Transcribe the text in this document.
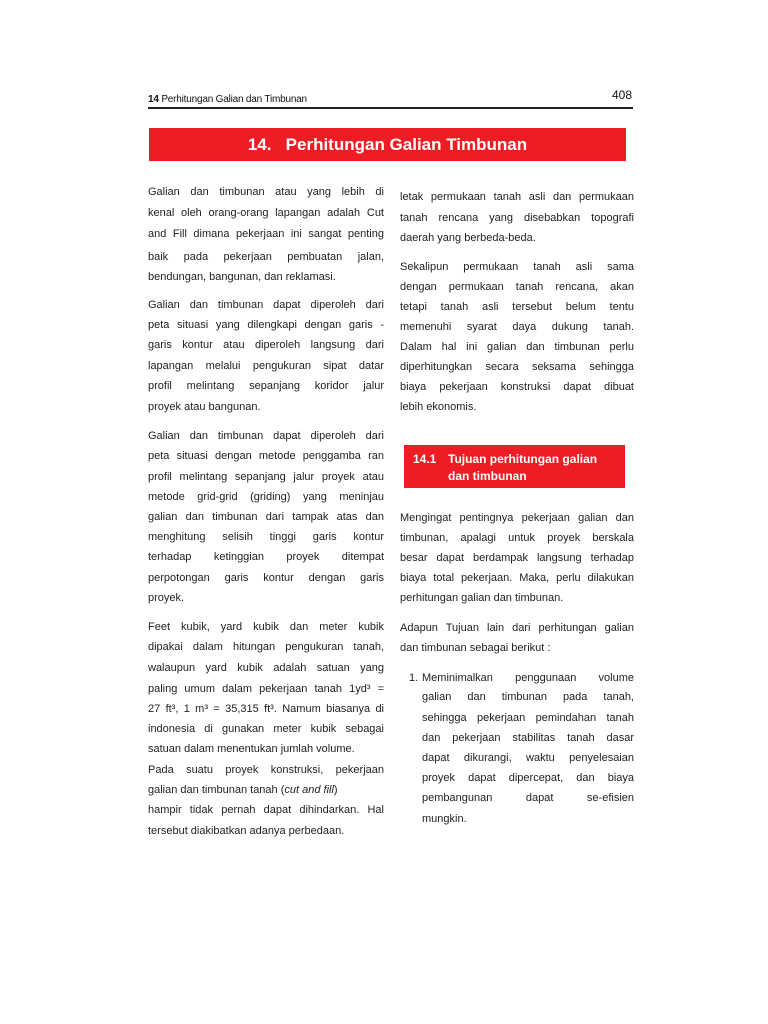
408
14 Perhitungan Galian dan Timbunan
14.
Perhitungan Galian Timbunan
Galian dan timbunan atau yang lebih di
kenal oleh orang-orang lapangan adalah Cut
and Fill dimana pekerjaan ini sangat penting
baik pada pekerjaan pembuatan jalan,
bendungan, bangunan, dan reklamasi.
Galian dan timbunan dapat diperoleh dari
peta situasi yang dilengkapi dengan garis -
garis kontur atau diperoleh langsung dari
lapangan melalui pengukuran sipat datar
profil melintang sepanjang koridor jalur
proyek atau bangunan.
Galian dan timbunan dapat diperoleh dari
peta situasi dengan metode penggamba ran
profil melintang sepanjang jalur proyek atau
metode grid-grid (griding) yang meninjau
galian dan timbunan dari tampak atas dan
menghitung selisih tinggi garis kontur
terhadap ketinggian proyek ditempat
perpotongan garis kontur dengan garis
proyek.
Feet kubik, yard kubik dan meter kubik
dipakai dalam hitungan pengukuran tanah,
walaupun yard kubik adalah satuan yang
paling umum dalam pekerjaan tanah 1yd³ =
27 ft³, 1 m³ = 35,315 ft³. Namum biasanya di
indonesia di gunakan meter kubik sebagai
satuan dalam menentukan jumlah volume.
Pada suatu proyek konstruksi, pekerjaan
galian dan timbunan tanah (cut and fill)
hampir tidak pernah dapat dihindarkan. Hal
tersebut diakibatkan adanya perbedaan.
letak permukaan tanah asli dan permukaan
tanah rencana yang disebabkan topografi
daerah yang berbeda-beda.
Sekalipun permukaan tanah asli sama
dengan permukaan tanah rencana, akan
tetapi tanah asli tersebut belum tentu
memenuhi syarat daya dukung tanah.
Dalam hal ini galian dan timbunan perlu
diperhitungkan secara seksama sehingga
biaya pekerjaan konstruksi dapat dibuat
lebih ekonomis.
Mengingat pentingnya pekerjaan galian dan
timbunan, apalagi untuk proyek berskala
besar dapat berdampak langsung terhadap
biaya total pekerjaan. Maka, perlu dilakukan
perhitungan galian dan timbunan.
Adapun Tujuan lain dari perhitungan galian
dan timbunan sebagai berikut :
14.1 Tujuan perhitungan galian
dan timbunan
1. Meminimalkan penggunaan volume
galian dan timbunan pada tanah,
sehingga pekerjaan pemindahan tanah
dan pekerjaan stabilitas tanah dasar
dapat dikurangi, waktu penyelesaian
proyek dapat dipercepat, dan biaya
pembangunan dapat se-efisien
mungkin.
